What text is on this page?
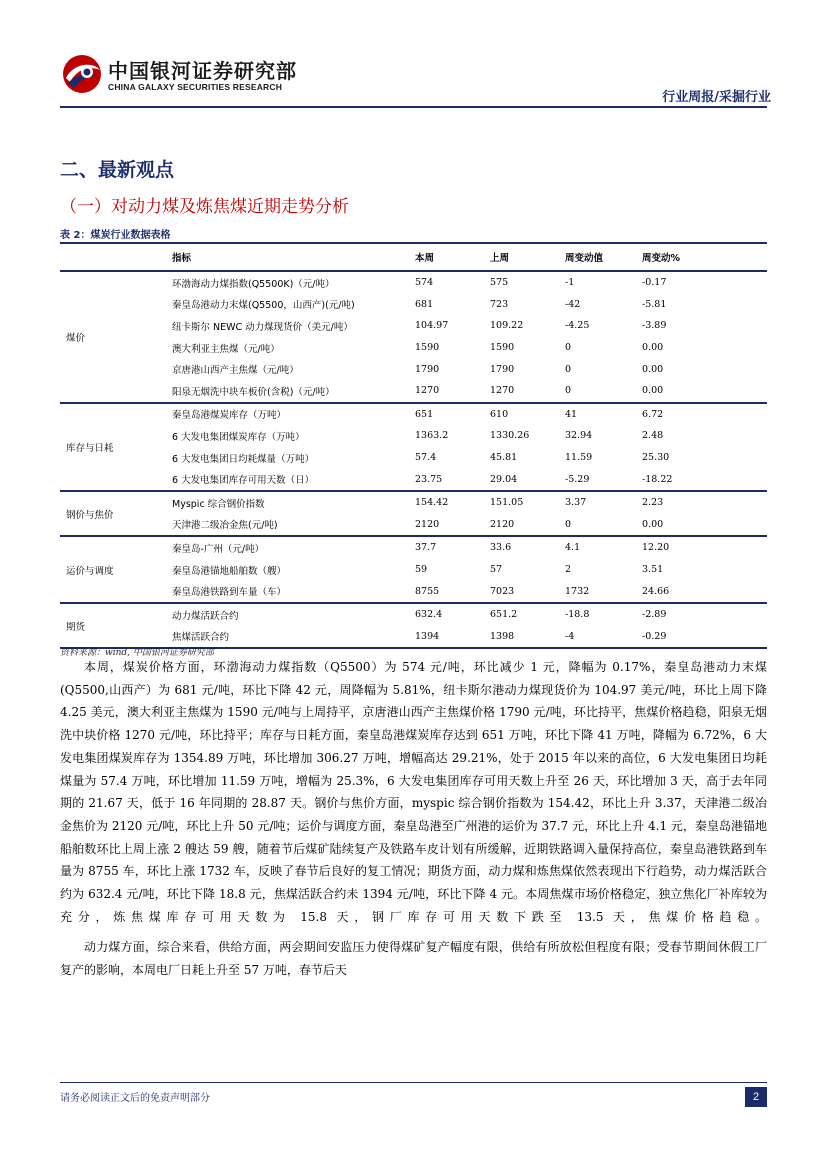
中国银河证券研究部
CHINA GALAXY SECURITIES RESEARCH
行业周报/采掘行业
二、最新观点
（一）对动力煤及炼焦煤近期走势分析
表 2：煤炭行业数据表格
	指标	本周	上周	周变动值	周变动%
煤价	环渤海动力煤指数(Q5500K)（元/吨）	574	575	-1	-0.17
	秦皇岛港动力末煤(Q5500，山西产)(元/吨)	681	723	-42	-5.81
	纽卡斯尔 NEWC 动力煤现货价（美元/吨）	104.97	109.22	-4.25	-3.89
	澳大利亚主焦煤（元/吨）	1590	1590	0	0.00
	京唐港山西产主焦煤（元/吨）	1790	1790	0	0.00
	阳泉无烟洗中块车板价(含税)（元/吨）	1270	1270	0	0.00
库存与日耗	秦皇岛港煤炭库存（万吨）	651	610	41	6.72
	6 大发电集团煤炭库存（万吨）	1363.2	1330.26	32.94	2.48
	6 大发电集团日均耗煤量（万吨）	57.4	45.81	11.59	25.30
	6 大发电集团库存可用天数（日）	23.75	29.04	-5.29	-18.22
钢价与焦价	Myspic 综合钢价指数	154.42	151.05	3.37	2.23
	天津港二级冶金焦(元/吨)	2120	2120	0	0.00
运价与调度	秦皇岛-广州（元/吨）	37.7	33.6	4.1	12.20
	秦皇岛港锚地船舶数（艘）	59	57	2	3.51
	秦皇岛港铁路到车量（车）	8755	7023	1732	24.66
期货	动力煤活跃合约	632.4	651.2	-18.8	-2.89
	焦煤活跃合约	1394	1398	-4	-0.29
资料来源：wind, 中国银河证券研究部

本周，煤炭价格方面，环渤海动力煤指数（Q5500）为 574 元/吨，环比减少 1 元，降幅为 0.17%，秦皇岛港动力末煤(Q5500,山西产）为 681 元/吨，环比下降 42 元，周降幅为 5.81%，纽卡斯尔港动力煤现货价为 104.97 美元/吨，环比上周下降 4.25 美元，澳大利亚主焦煤为 1590 元/吨与上周持平，京唐港山西产主焦煤价格 1790 元/吨，环比持平，焦煤价格趋稳，阳泉无烟洗中块价格 1270 元/吨，环比持平；库存与日耗方面，秦皇岛港煤炭库存达到 651 万吨，环比下降 41 万吨，降幅为 6.72%，6 大发电集团煤炭库存为 1354.89 万吨，环比增加 306.27 万吨，增幅高达 29.21%，处于 2015 年以来的高位，6 大发电集团日均耗煤量为 57.4 万吨，环比增加 11.59 万吨，增幅为 25.3%，6 大发电集团库存可用天数上升至 26 天，环比增加 3 天，高于去年同期的 21.67 天，低于 16 年同期的 28.87 天。钢价与焦价方面，myspic 综合钢价指数为 154.42，环比上升 3.37，天津港二级冶金焦价为 2120 元/吨，环比上升 50 元/吨；运价与调度方面，秦皇岛港至广州港的运价为 37.7 元，环比上升 4.1 元，秦皇岛港锚地船舶数环比上周上涨 2 艘达 59 艘，随着节后煤矿陆续复产及铁路车皮计划有所缓解，近期铁路调入量保持高位，秦皇岛港铁路到车量为 8755 车，环比上涨 1732 车，反映了春节后良好的复工情况；期货方面，动力煤和炼焦煤依然表现出下行趋势，动力煤活跃合约为 632.4 元/吨，环比下降 18.8 元，焦煤活跃合约未 1394 元/吨，环比下降 4 元。本周焦煤市场价格稳定，独立焦化厂补库较为充分，炼焦煤库存可用天数为 15.8 天，钢厂库存可用天数下跌至 13.5 天，焦煤价格趋稳。

动力煤方面，综合来看，供给方面，两会期间安监压力使得煤矿复产幅度有限，供给有所放松但程度有限；受春节期间休假工厂复产的影响，本周电厂日耗上升至 57 万吨，春节后天

请务必阅读正文后的免责声明部分	2
